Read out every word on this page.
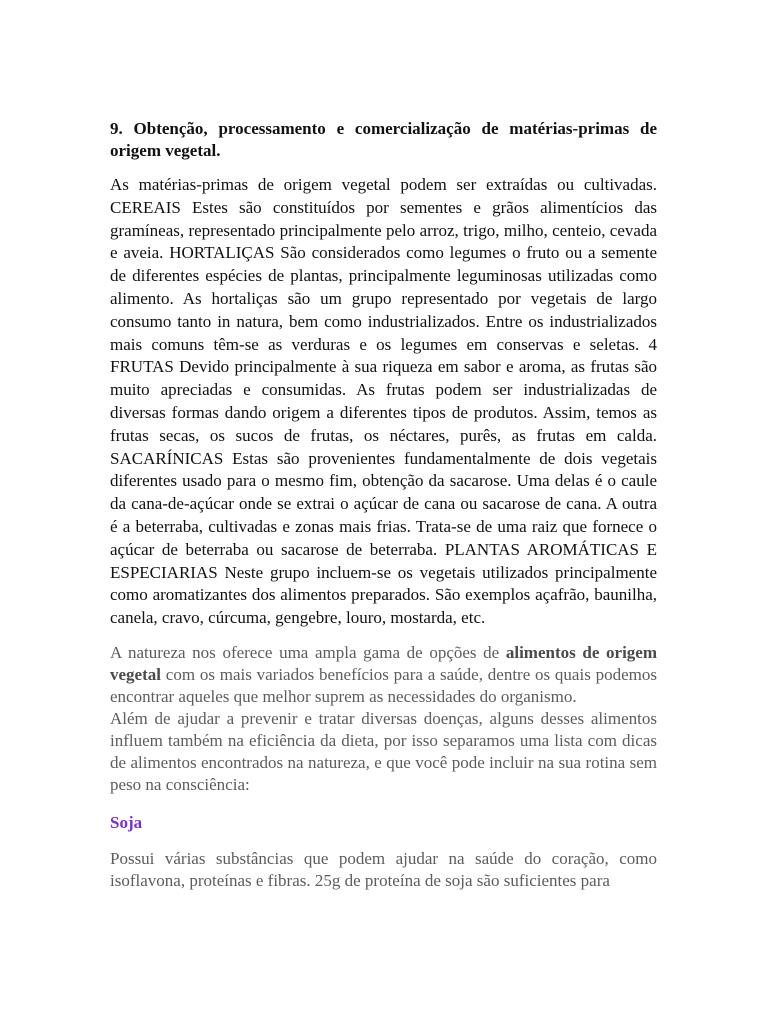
9. Obtenção, processamento e comercialização de matérias-primas de origem vegetal.

As matérias-primas de origem vegetal podem ser extraídas ou cultivadas. CEREAIS Estes são constituídos por sementes e grãos alimentícios das gramíneas, representado principalmente pelo arroz, trigo, milho, centeio, cevada e aveia. HORTALIÇAS São considerados como legumes o fruto ou a semente de diferentes espécies de plantas, principalmente leguminosas utilizadas como alimento. As hortaliças são um grupo representado por vegetais de largo consumo tanto in natura, bem como industrializados. Entre os industrializados mais comuns têm-se as verduras e os legumes em conservas e seletas. 4 FRUTAS Devido principalmente à sua riqueza em sabor e aroma, as frutas são muito apreciadas e consumidas. As frutas podem ser industrializadas de diversas formas dando origem a diferentes tipos de produtos. Assim, temos as frutas secas, os sucos de frutas, os néctares, purês, as frutas em calda. SACARÍNICAS Estas são provenientes fundamentalmente de dois vegetais diferentes usado para o mesmo fim, obtenção da sacarose. Uma delas é o caule da cana-de-açúcar onde se extrai o açúcar de cana ou sacarose de cana. A outra é a beterraba, cultivadas e zonas mais frias. Trata-se de uma raiz que fornece o açúcar de beterraba ou sacarose de beterraba. PLANTAS AROMÁTICAS E ESPECIARIAS Neste grupo incluem-se os vegetais utilizados principalmente como aromatizantes dos alimentos preparados. São exemplos açafrão, baunilha, canela, cravo, cúrcuma, gengebre, louro, mostarda, etc.

A natureza nos oferece uma ampla gama de opções de alimentos de origem vegetal com os mais variados benefícios para a saúde, dentre os quais podemos encontrar aqueles que melhor suprem as necessidades do organismo.

Além de ajudar a prevenir e tratar diversas doenças, alguns desses alimentos influem também na eficiência da dieta, por isso separamos uma lista com dicas de alimentos encontrados na natureza, e que você pode incluir na sua rotina sem peso na consciência:

Soja

Possui várias substâncias que podem ajudar na saúde do coração, como isoflavona, proteínas e fibras. 25g de proteína de soja são suficientes para
